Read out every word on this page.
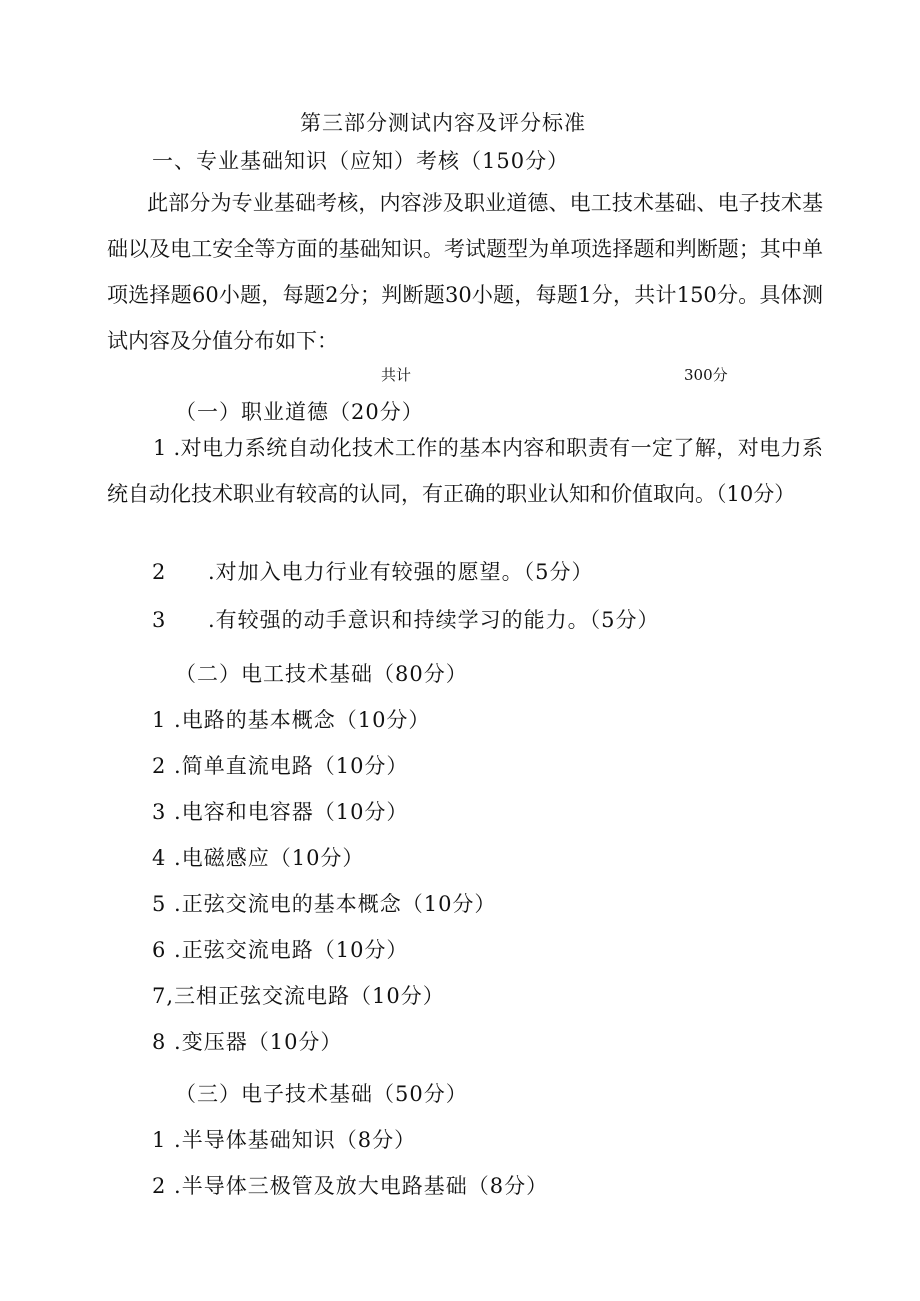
第三部分测试内容及评分标准
一、专业基础知识（应知）考核（150分）
此部分为专业基础考核，内容涉及职业道德、电工技术基础、电子技术基础以及电工安全等方面的基础知识。考试题型为单项选择题和判断题；其中单项选择题60小题，每题2分；判断题30小题，每题1分，共计150分。具体测试内容及分值分布如下：
共计	300分
（一）职业道德（20分）
1 .对电力系统自动化技术工作的基本内容和职责有一定了解，对电力系统自动化技术职业有较高的认同，有正确的职业认知和价值取向。（10分）
2 .对加入电力行业有较强的愿望。（5分）
3 .有较强的动手意识和持续学习的能力。（5分）
（二）电工技术基础（80分）
1 .电路的基本概念（10分）
2 .简单直流电路（10分）
3 .电容和电容器（10分）
4 .电磁感应（10分）
5 .正弦交流电的基本概念（10分）
6 .正弦交流电路（10分）
7,三相正弦交流电路（10分）
8 .变压器（10分）
（三）电子技术基础（50分）
1 .半导体基础知识（8分）
2 .半导体三极管及放大电路基础（8分）
